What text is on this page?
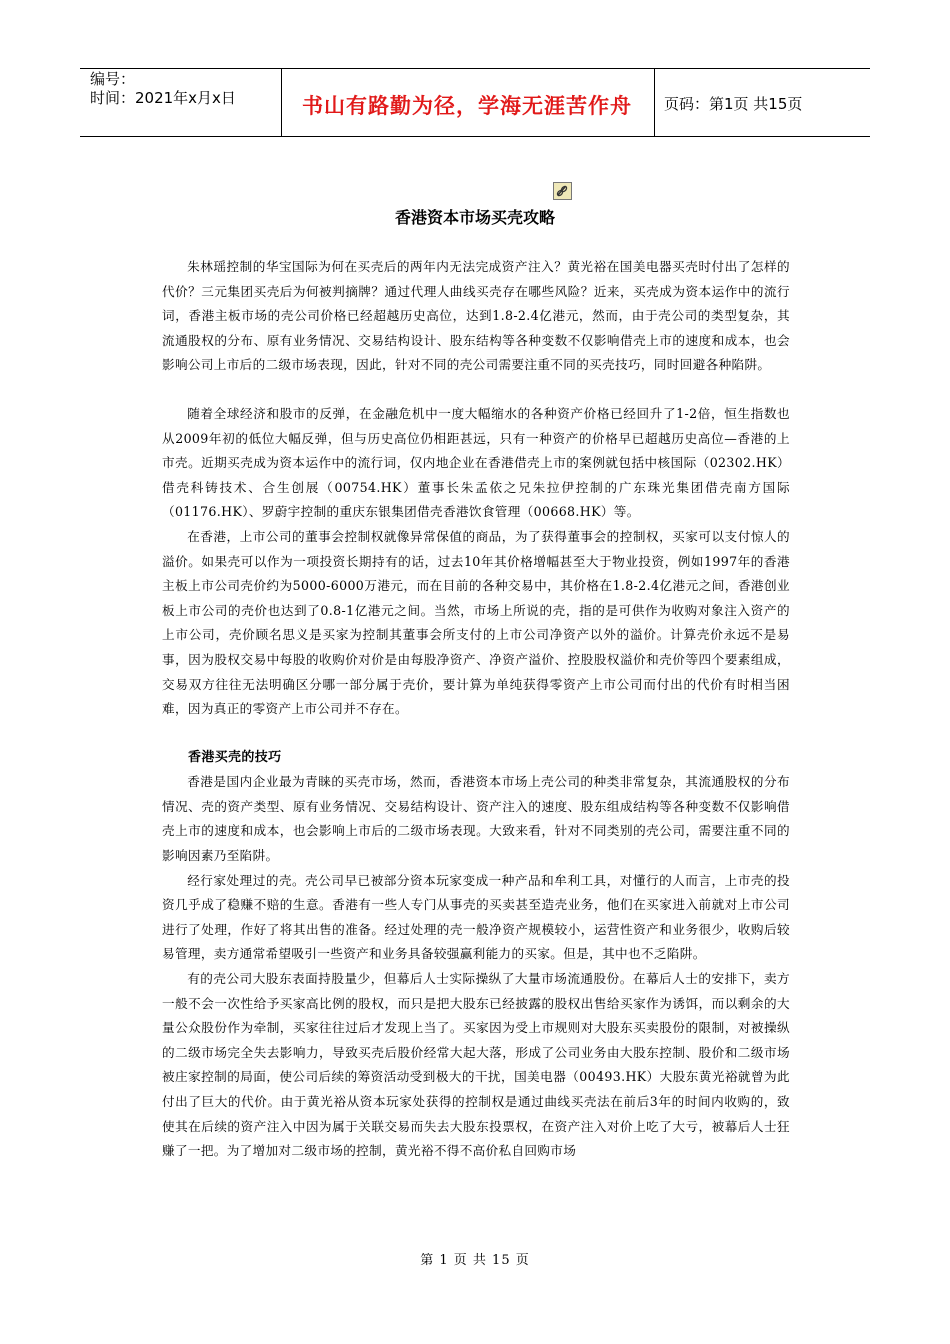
编号：
时间：2021年x月x日	书山有路勤为径，学海无涯苦作舟	页码：第1页 共15页
香港资本市场买壳攻略

朱林瑶控制的华宝国际为何在买壳后的两年内无法完成资产注入？黄光裕在国美电器买壳时付出了怎样的代价？三元集团买壳后为何被判摘牌？通过代理人曲线买壳存在哪些风险？近来，买壳成为资本运作中的流行词，香港主板市场的壳公司价格已经超越历史高位，达到1.8-2.4亿港元，然而，由于壳公司的类型复杂，其流通股权的分布、原有业务情况、交易结构设计、股东结构等各种变数不仅影响借壳上市的速度和成本，也会影响公司上市后的二级市场表现，因此，针对不同的壳公司需要注重不同的买壳技巧，同时回避各种陷阱。

随着全球经济和股市的反弹，在金融危机中一度大幅缩水的各种资产价格已经回升了1-2倍，恒生指数也从2009年初的低位大幅反弹，但与历史高位仍相距甚远，只有一种资产的价格早已超越历史高位—香港的上市壳。近期买壳成为资本运作中的流行词，仅内地企业在香港借壳上市的案例就包括中核国际（02302.HK）借壳科铸技术、合生创展（00754.HK）董事长朱孟依之兄朱拉伊控制的广东珠光集团借壳南方国际（01176.HK）、罗蔚宇控制的重庆东银集团借壳香港饮食管理（00668.HK）等。

在香港，上市公司的董事会控制权就像异常保值的商品，为了获得董事会的控制权，买家可以支付惊人的溢价。如果壳可以作为一项投资长期持有的话，过去10年其价格增幅甚至大于物业投资，例如1997年的香港主板上市公司壳价约为5000-6000万港元，而在目前的各种交易中，其价格在1.8-2.4亿港元之间，香港创业板上市公司的壳价也达到了0.8-1亿港元之间。当然，市场上所说的壳，指的是可供作为收购对象注入资产的上市公司，壳价顾名思义是买家为控制其董事会所支付的上市公司净资产以外的溢价。计算壳价永远不是易事，因为股权交易中每股的收购价对价是由每股净资产、净资产溢价、控股股权溢价和壳价等四个要素组成，交易双方往往无法明确区分哪一部分属于壳价，要计算为单纯获得零资产上市公司而付出的代价有时相当困难，因为真正的零资产上市公司并不存在。

香港买壳的技巧

香港是国内企业最为青睐的买壳市场，然而，香港资本市场上壳公司的种类非常复杂，其流通股权的分布情况、壳的资产类型、原有业务情况、交易结构设计、资产注入的速度、股东组成结构等各种变数不仅影响借壳上市的速度和成本，也会影响上市后的二级市场表现。大致来看，针对不同类别的壳公司，需要注重不同的影响因素乃至陷阱。

经行家处理过的壳。壳公司早已被部分资本玩家变成一种产品和牟利工具，对懂行的人而言，上市壳的投资几乎成了稳赚不赔的生意。香港有一些人专门从事壳的买卖甚至造壳业务，他们在买家进入前就对上市公司进行了处理，作好了将其出售的准备。经过处理的壳一般净资产规模较小，运营性资产和业务很少，收购后较易管理，卖方通常希望吸引一些资产和业务具备较强赢利能力的买家。但是，其中也不乏陷阱。

有的壳公司大股东表面持股量少，但幕后人士实际操纵了大量市场流通股份。在幕后人士的安排下，卖方一般不会一次性给予买家高比例的股权，而只是把大股东已经披露的股权出售给买家作为诱饵，而以剩余的大量公众股份作为牵制，买家往往过后才发现上当了。买家因为受上市规则对大股东买卖股份的限制，对被操纵的二级市场完全失去影响力，导致买壳后股价经常大起大落，形成了公司业务由大股东控制、股价和二级市场被庄家控制的局面，使公司后续的筹资活动受到极大的干扰，国美电器（00493.HK）大股东黄光裕就曾为此付出了巨大的代价。由于黄光裕从资本玩家处获得的控制权是通过曲线买壳法在前后3年的时间内收购的，致使其在后续的资产注入中因为属于关联交易而失去大股东投票权，在资产注入对价上吃了大亏，被幕后人士狂赚了一把。为了增加对二级市场的控制，黄光裕不得不高价私自回购市场

第 1 页 共 15 页
